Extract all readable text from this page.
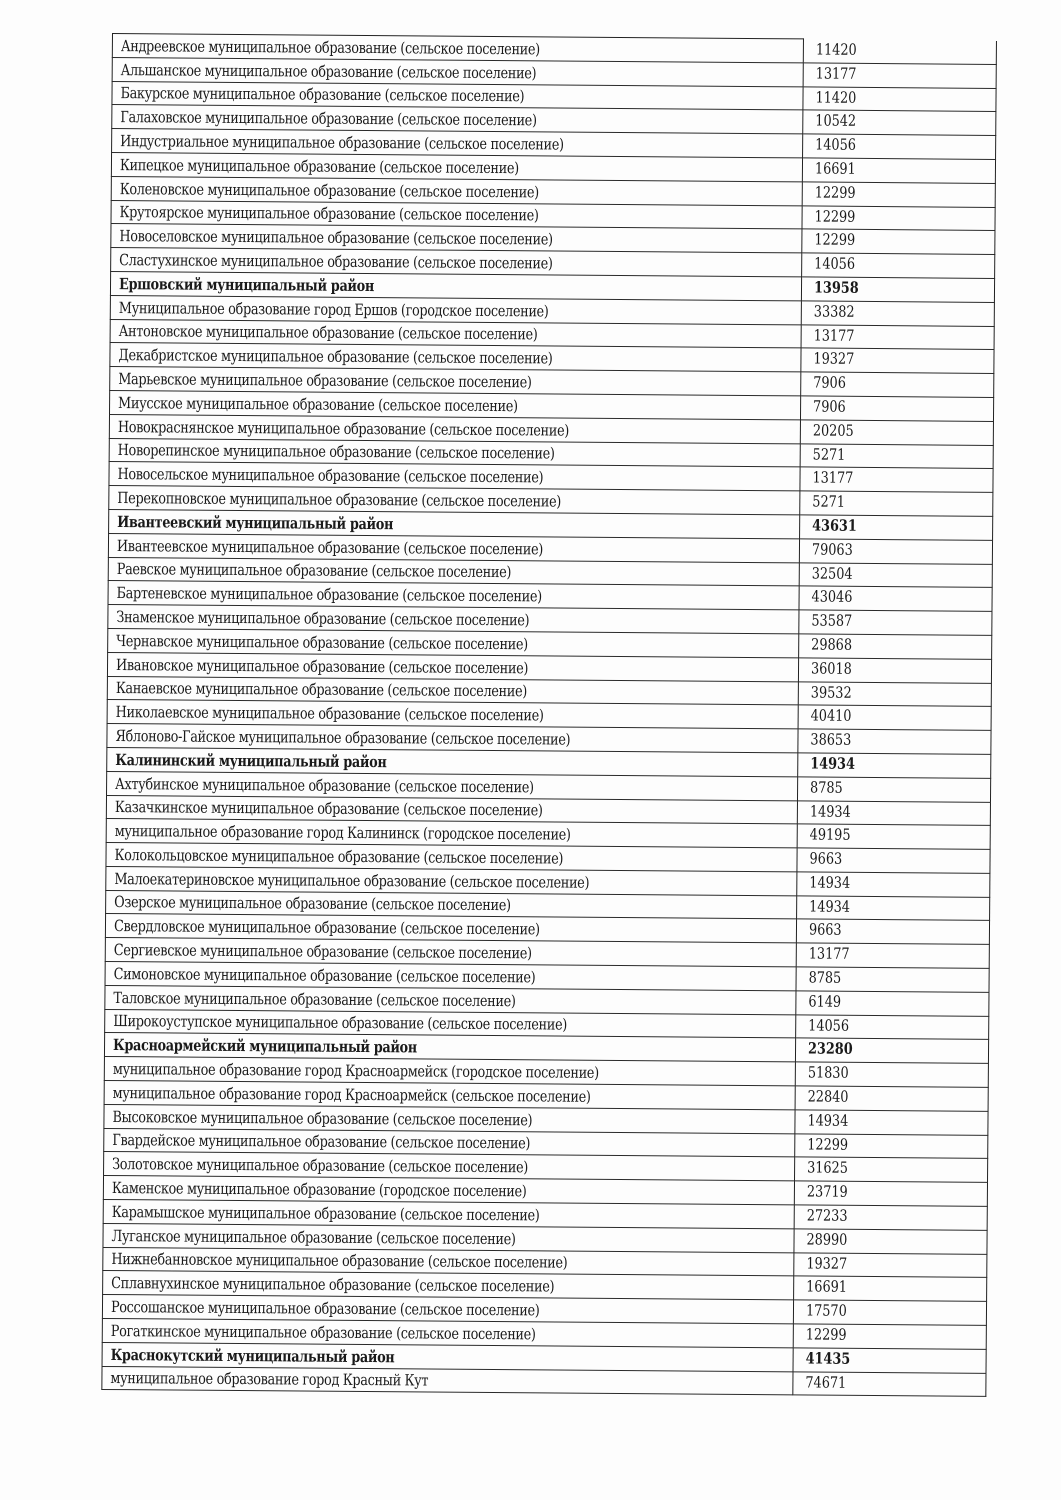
Андреевское муниципальное образование (сельское поселение)	11420
Альшанское муниципальное образование (сельское поселение)	13177
Бакурское муниципальное образование (сельское поселение)	11420
Галаховское муниципальное образование (сельское поселение)	10542
Индустриальное муниципальное образование (сельское поселение)	14056
Кипецкое муниципальное образование (сельское поселение)	16691
Коленовское муниципальное образование (сельское поселение)	12299
Крутоярское муниципальное образование (сельское поселение)	12299
Новоселовское муниципальное образование (сельское поселение)	12299
Сластухинское муниципальное образование (сельское поселение)	14056
Ершовский муниципальный район	13958
Муниципальное образование город Ершов (городское поселение)	33382
Антоновское муниципальное образование (сельское поселение)	13177
Декабристское муниципальное образование (сельское поселение)	19327
Марьевское муниципальное образование (сельское поселение)	7906
Миусское муниципальное образование (сельское поселение)	7906
Новокраснянское муниципальное образование (сельское поселение)	20205
Новорепинское муниципальное образование (сельское поселение)	5271
Новосельское муниципальное образование (сельское поселение)	13177
Перекопновское муниципальное образование (сельское поселение)	5271
Ивантеевский муниципальный район	43631
Ивантеевское муниципальное образование (сельское поселение)	79063
Раевское муниципальное образование (сельское поселение)	32504
Бартеневское муниципальное образование (сельское поселение)	43046
Знаменское муниципальное образование (сельское поселение)	53587
Чернавское муниципальное образование (сельское поселение)	29868
Ивановское муниципальное образование (сельское поселение)	36018
Канаевское муниципальное образование (сельское поселение)	39532
Николаевское муниципальное образование (сельское поселение)	40410
Яблоново-Гайское муниципальное образование (сельское поселение)	38653
Калининский муниципальный район	14934
Ахтубинское муниципальное образование (сельское поселение)	8785
Казачкинское муниципальное образование (сельское поселение)	14934
муниципальное образование город Калининск (городское поселение)	49195
Колокольцовское муниципальное образование (сельское поселение)	9663
Малоекатериновское муниципальное образование (сельское поселение)	14934
Озерское муниципальное образование (сельское поселение)	14934
Свердловское муниципальное образование (сельское поселение)	9663
Сергиевское муниципальное образование (сельское поселение)	13177
Симоновское муниципальное образование (сельское поселение)	8785
Таловское муниципальное образование (сельское поселение)	6149
Широкоуступское муниципальное образование (сельское поселение)	14056
Красноармейский муниципальный район	23280
муниципальное образование город Красноармейск (городское поселение)	51830
муниципальное образование город Красноармейск (сельское поселение)	22840
Высоковское муниципальное образование (сельское поселение)	14934
Гвардейское муниципальное образование (сельское поселение)	12299
Золотовское муниципальное образование (сельское поселение)	31625
Каменское муниципальное образование (городское поселение)	23719
Карамышское муниципальное образование (сельское поселение)	27233
Луганское муниципальное образование (сельское поселение)	28990
Нижнебанновское муниципальное образование (сельское поселение)	19327
Сплавнухинское муниципальное образование (сельское поселение)	16691
Россошанское муниципальное образование (сельское поселение)	17570
Рогаткинское муниципальное образование (сельское поселение)	12299
Краснокутский муниципальный район	41435
муниципальное образование город Красный Кут	74671
